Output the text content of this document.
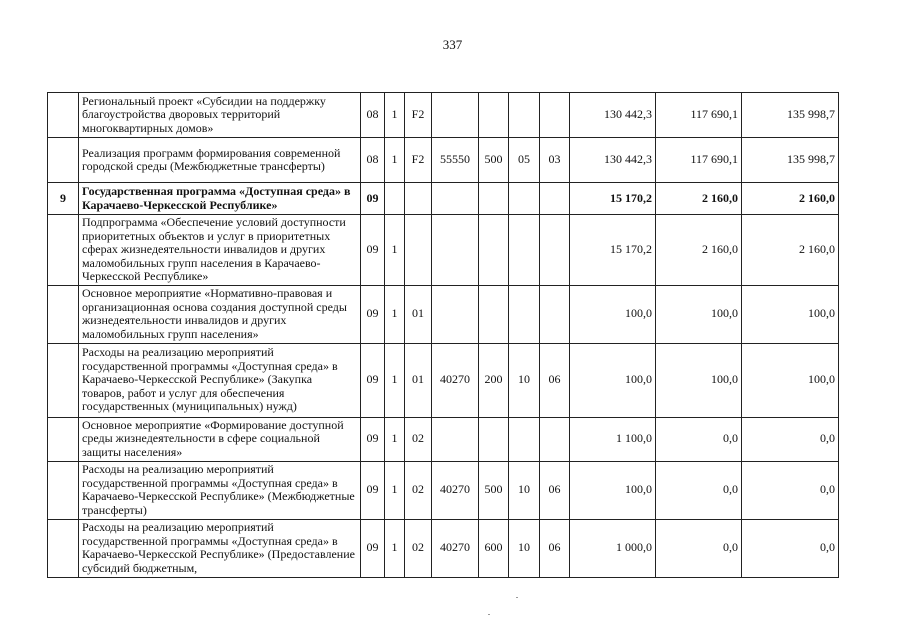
337
	Региональный проект «Субсидии на поддержку благоустройства дворовых территорий многоквартирных домов»	08	1	F2					130 442,3	117 690,1	135 998,7
	Реализация программ формирования современной городской среды (Межбюджетные трансферты)	08	1	F2	55550	500	05	03	130 442,3	117 690,1	135 998,7
9	Государственная программа «Доступная среда» в Карачаево-Черкесской Республике»	09							15 170,2	2 160,0	2 160,0
	Подпрограмма «Обеспечение условий доступности приоритетных объектов и услуг в приоритетных сферах жизнедеятельности инвалидов и других маломобильных групп населения в Карачаево-Черкесской Республике»	09	1						15 170,2	2 160,0	2 160,0
	Основное мероприятие «Нормативно-правовая и организационная основа создания доступной среды жизнедеятельности инвалидов и других маломобильных групп населения»	09	1	01					100,0	100,0	100,0
	Расходы на реализацию мероприятий государственной программы «Доступная среда» в Карачаево-Черкесской Республике» (Закупка товаров, работ и услуг для обеспечения государственных (муниципальных) нужд)	09	1	01	40270	200	10	06	100,0	100,0	100,0
	Основное мероприятие «Формирование доступной среды жизнедеятельности в сфере социальной защиты населения»	09	1	02					1 100,0	0,0	0,0
	Расходы на реализацию мероприятий государственной программы «Доступная среда» в Карачаево-Черкесской Республике» (Межбюджетные трансферты)	09	1	02	40270	500	10	06	100,0	0,0	0,0
	Расходы на реализацию мероприятий государственной программы «Доступная среда» в Карачаево-Черкесской Республике» (Предоставление субсидий бюджетным,	09	1	02	40270	600	10	06	1 000,0	0,0	0,0
